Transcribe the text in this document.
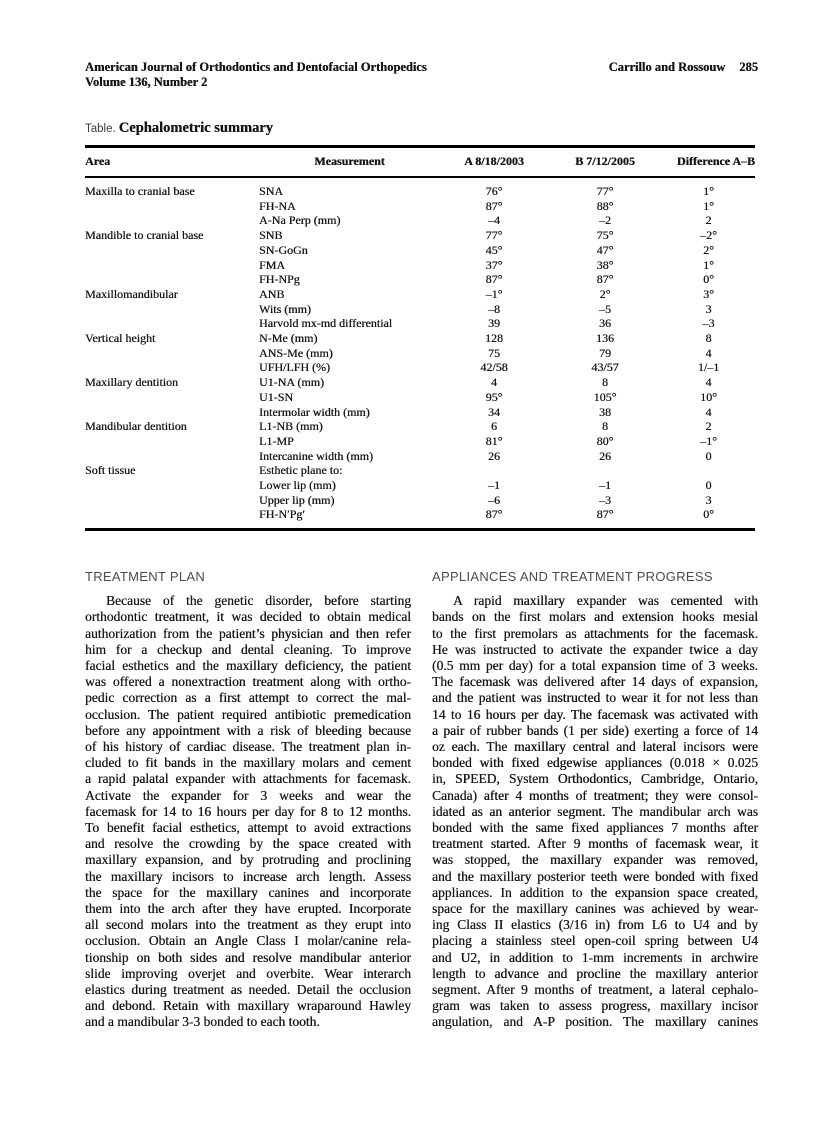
American Journal of Orthodontics and Dentofacial Orthopedics
Volume 136, Number 2
Carrillo and Rossouw 285
Table. Cephalometric summary
Area	Measurement	A 8/18/2003	B 7/12/2005	Difference A–B
Maxilla to cranial base	SNA	76°	77°	1°
	FH-NA	87°	88°	1°
	A-Na Perp (mm)	–4	–2	2
Mandible to cranial base	SNB	77°	75°	–2°
	SN-GoGn	45°	47°	2°
	FMA	37°	38°	1°
	FH-NPg	87°	87°	0°
Maxillomandibular	ANB	–1°	2°	3°
	Wits (mm)	–8	–5	3
	Harvold mx-md differential	39	36	–3
Vertical height	N-Me (mm)	128	136	8
	ANS-Me (mm)	75	79	4
	UFH/LFH (%)	42/58	43/57	1/–1
Maxillary dentition	U1-NA (mm)	4	8	4
	U1-SN	95°	105°	10°
	Intermolar width (mm)	34	38	4
Mandibular dentition	L1-NB (mm)	6	8	2
	L1-MP	81°	80°	–1°
	Intercanine width (mm)	26	26	0
Soft tissue	Esthetic plane to:			
	Lower lip (mm)	–1	–1	0
	Upper lip (mm)	–6	–3	3
	FH-N′Pg′	87°	87°	0°
TREATMENT PLAN
Because of the genetic disorder, before starting
orthodontic treatment, it was decided to obtain medical
authorization from the patient’s physician and then refer
him for a checkup and dental cleaning. To improve
facial esthetics and the maxillary deficiency, the patient
was offered a nonextraction treatment along with ortho-
pedic correction as a first attempt to correct the mal-
occlusion. The patient required antibiotic premedication
before any appointment with a risk of bleeding because
of his history of cardiac disease. The treatment plan in-
cluded to fit bands in the maxillary molars and cement
a rapid palatal expander with attachments for facemask.
Activate the expander for 3 weeks and wear the
facemask for 14 to 16 hours per day for 8 to 12 months.
To benefit facial esthetics, attempt to avoid extractions
and resolve the crowding by the space created with
maxillary expansion, and by protruding and proclining
the maxillary incisors to increase arch length. Assess
the space for the maxillary canines and incorporate
them into the arch after they have erupted. Incorporate
all second molars into the treatment as they erupt into
occlusion. Obtain an Angle Class I molar/canine rela-
tionship on both sides and resolve mandibular anterior
slide improving overjet and overbite. Wear interarch
elastics during treatment as needed. Detail the occlusion
and debond. Retain with maxillary wraparound Hawley
and a mandibular 3-3 bonded to each tooth.
APPLIANCES AND TREATMENT PROGRESS
A rapid maxillary expander was cemented with
bands on the first molars and extension hooks mesial
to the first premolars as attachments for the facemask.
He was instructed to activate the expander twice a day
(0.5 mm per day) for a total expansion time of 3 weeks.
The facemask was delivered after 14 days of expansion,
and the patient was instructed to wear it for not less than
14 to 16 hours per day. The facemask was activated with
a pair of rubber bands (1 per side) exerting a force of 14
oz each. The maxillary central and lateral incisors were
bonded with fixed edgewise appliances (0.018 × 0.025
in, SPEED, System Orthodontics, Cambridge, Ontario,
Canada) after 4 months of treatment; they were consol-
idated as an anterior segment. The mandibular arch was
bonded with the same fixed appliances 7 months after
treatment started. After 9 months of facemask wear, it
was stopped, the maxillary expander was removed,
and the maxillary posterior teeth were bonded with fixed
appliances. In addition to the expansion space created,
space for the maxillary canines was achieved by wear-
ing Class II elastics (3/16 in) from L6 to U4 and by
placing a stainless steel open-coil spring between U4
and U2, in addition to 1-mm increments in archwire
length to advance and procline the maxillary anterior
segment. After 9 months of treatment, a lateral cephalo-
gram was taken to assess progress, maxillary incisor
angulation, and A-P position. The maxillary canines
